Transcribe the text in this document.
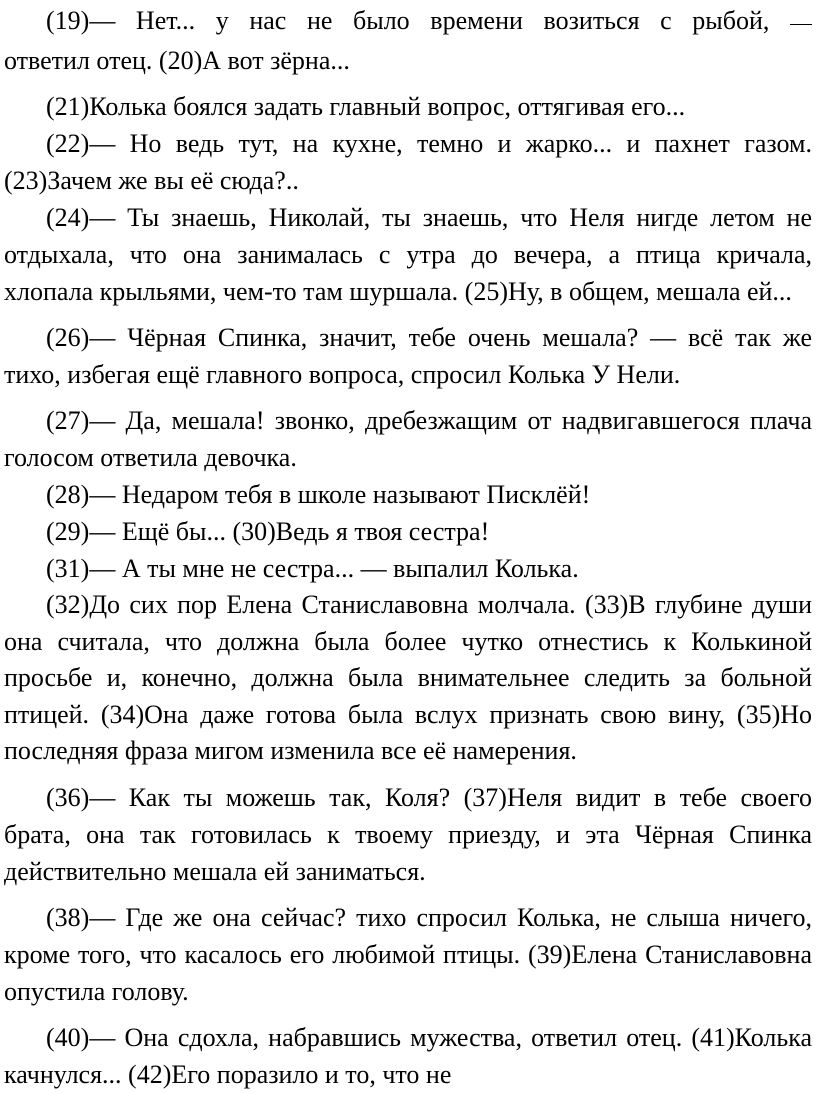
(19)— Нет... у нас не было времени возиться с рыбой,
ответил отец. (20)А вот зёрна...

(21)Колька боялся задать главный вопрос, оттягивая его...

(22)— Но ведь тут, на кухне, темно и жарко... и пахнет газом. (23)Зачем же вы её сюда?..

(24)— Ты знаешь, Николай, ты знаешь, что Неля нигде летом не отдыхала, что она занималась с утра до вечера, а птица кричала, хлопала крыльями, чем-то там шуршала. (25)Ну, в общем, мешала ей...

(26)— Чёрная Спинка, значит, тебе очень мешала? — всё так же тихо, избегая ещё главного вопроса, спросил Колька У Нели.

(27)— Да, мешала! звонко, дребезжащим от надвигавшегося плача голосом ответила девочка.

(28)— Недаром тебя в школе называют Писклёй!

(29)— Ещё бы... (30)Ведь я твоя сестра!

(31)— А ты мне не сестра... — выпалил Колька.

(32)До сих пор Елена Станиславовна молчала. (33)В глубине души она считала, что должна была более чутко отнестись к Колькиной просьбе и, конечно, должна была внимательнее следить за больной птицей. (34)Она даже готова была вслух признать свою вину, (35)Но последняя фраза мигом изменила все её намерения.

(36)— Как ты можешь так, Коля? (37)Неля видит в тебе своего брата, она так готовилась к твоему приезду, и эта Чёрная Спинка действительно мешала ей заниматься.

(38)— Где же она сейчас? тихо спросил Колька, не слыша ничего, кроме того, что касалось его любимой птицы. (39)Елена Станиславовна опустила голову.

(40)— Она сдохла, набравшись мужества, ответил отец. (41)Колька качнулся... (42)Его поразило и то, что не
